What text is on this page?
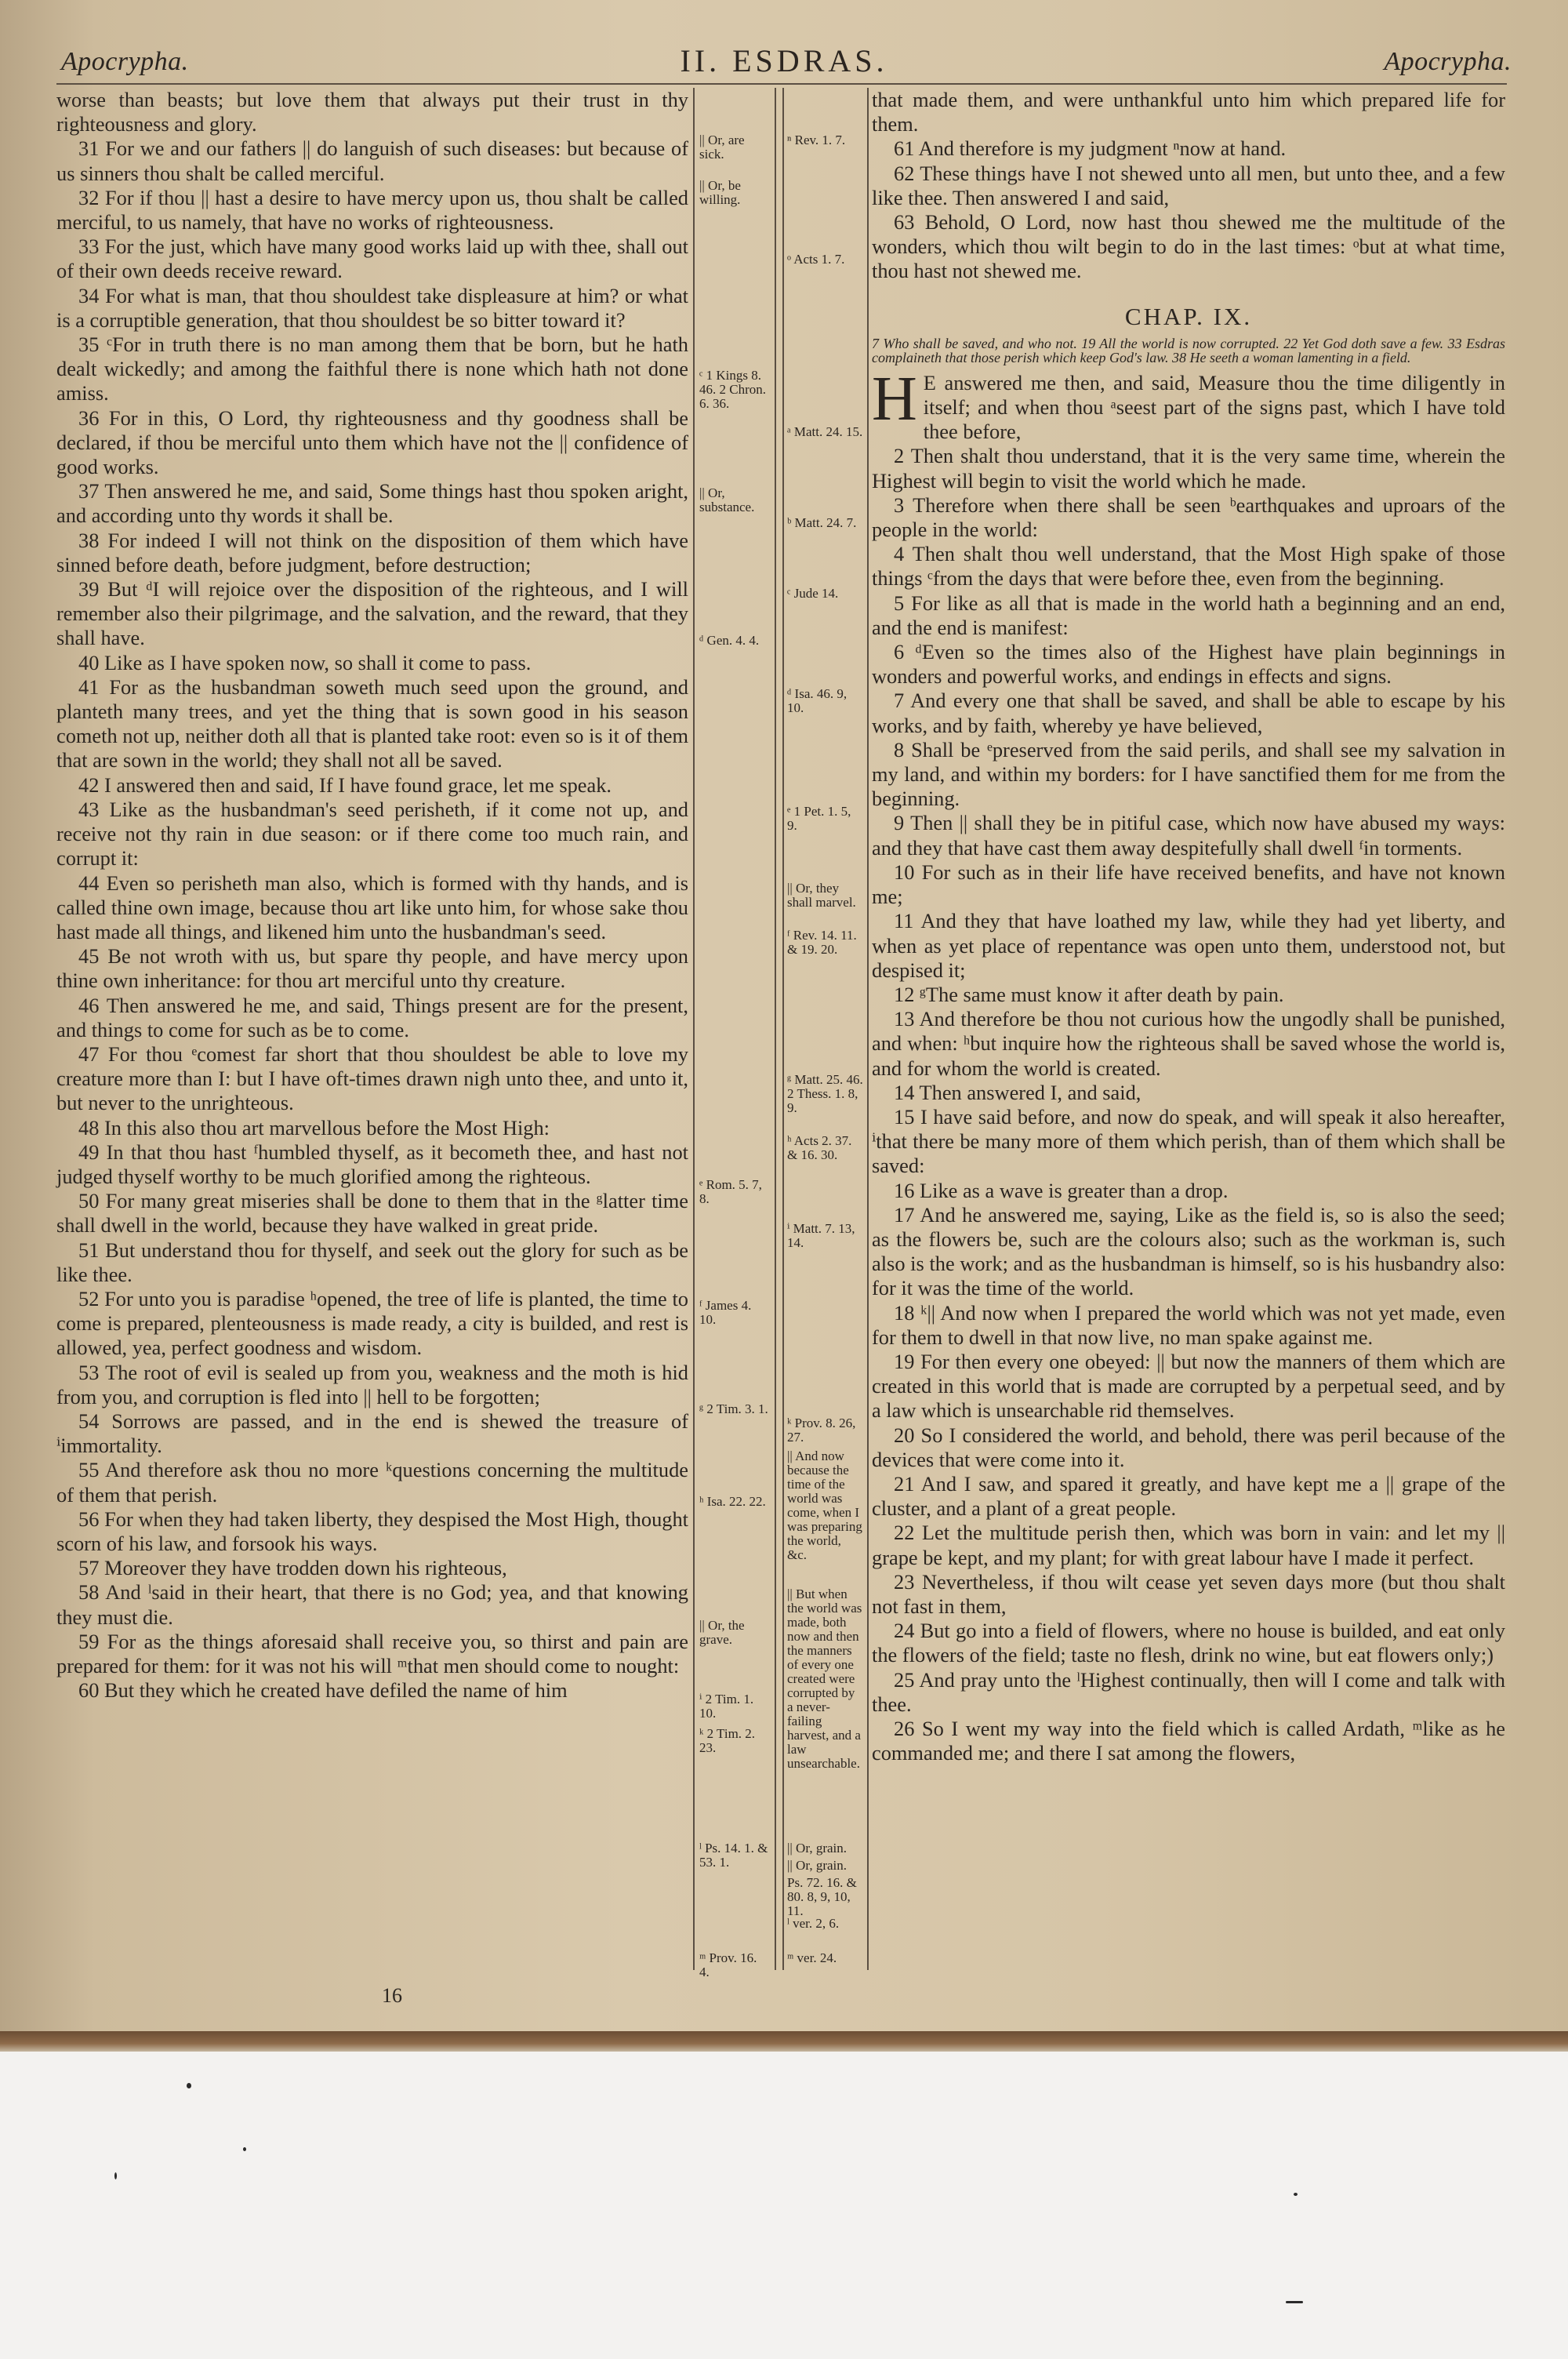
Apocrypha.	II. ESDRAS.	Apocrypha.

worse than beasts; but love them that always put their trust in thy righteousness and glory.

31 For we and our fathers || do languish of such diseases: but because of us sinners thou shalt be called merciful.

32 For if thou || hast a desire to have mercy upon us, thou shalt be called merciful, to us namely, that have no works of righteousness.

33 For the just, which have many good works laid up with thee, shall out of their own deeds receive reward.

34 For what is man, that thou shouldest take displeasure at him? or what is a corruptible generation, that thou shouldest be so bitter toward it?

35 ᶜFor in truth there is no man among them that be born, but he hath dealt wickedly; and among the faithful there is none which hath not done amiss.

36 For in this, O Lord, thy righteousness and thy goodness shall be declared, if thou be merciful unto them which have not the || confidence of good works.

37 Then answered he me, and said, Some things hast thou spoken aright, and according unto thy words it shall be.

38 For indeed I will not think on the disposition of them which have sinned before death, before judgment, before destruction;

39 But ᵈI will rejoice over the disposition of the righteous, and I will remember also their pilgrimage, and the salvation, and the reward, that they shall have.

40 Like as I have spoken now, so shall it come to pass.

41 For as the husbandman soweth much seed upon the ground, and planteth many trees, and yet the thing that is sown good in his season cometh not up, neither doth all that is planted take root: even so is it of them that are sown in the world; they shall not all be saved.

42 I answered then and said, If I have found grace, let me speak.

43 Like as the husbandman's seed perisheth, if it come not up, and receive not thy rain in due season: or if there come too much rain, and corrupt it:

44 Even so perisheth man also, which is formed with thy hands, and is called thine own image, because thou art like unto him, for whose sake thou hast made all things, and likened him unto the husbandman's seed.

45 Be not wroth with us, but spare thy people, and have mercy upon thine own inheritance: for thou art merciful unto thy creature.

46 Then answered he me, and said, Things present are for the present, and things to come for such as be to come.

47 For thou ᵉcomest far short that thou shouldest be able to love my creature more than I: but I have oft-times drawn nigh unto thee, and unto it, but never to the unrighteous.

48 In this also thou art marvellous before the Most High:

49 In that thou hast ᶠhumbled thyself, as it becometh thee, and hast not judged thyself worthy to be much glorified among the righteous.

50 For many great miseries shall be done to them that in the ᵍlatter time shall dwell in the world, because they have walked in great pride.

51 But understand thou for thyself, and seek out the glory for such as be like thee.

52 For unto you is paradise ʰopened, the tree of life is planted, the time to come is prepared, plenteousness is made ready, a city is builded, and rest is allowed, yea, perfect goodness and wisdom.

53 The root of evil is sealed up from you, weakness and the moth is hid from you, and corruption is fled into || hell to be forgotten;

54 Sorrows are passed, and in the end is shewed the treasure of ⁱimmortality.

55 And therefore ask thou no more ᵏquestions concerning the multitude of them that perish.

56 For when they had taken liberty, they despised the Most High, thought scorn of his law, and forsook his ways.

57 Moreover they have trodden down his righteous,

58 And ˡsaid in their heart, that there is no God; yea, and that knowing they must die.

59 For as the things aforesaid shall receive you, so thirst and pain are prepared for them: for it was not his will ᵐthat men should come to nought:

60 But they which he created have defiled the name of him

|| Or, are sick.
|| Or, be willing.
ᶜ 1 Kings 8. 46. 2 Chron. 6. 36.
|| Or, substance.
ᵈ Gen. 4. 4.
ᵉ Rom. 5. 7, 8.
ᶠ James 4. 10.
ᵍ 2 Tim. 3. 1.
ʰ Isa. 22. 22.
|| Or, the grave.
ⁱ 2 Tim. 1. 10.
ᵏ 2 Tim. 2. 23.
ˡ Ps. 14. 1. & 53. 1.
ᵐ Prov. 16. 4.
ⁿ Rev. 1. 7.
ᵒ Acts 1. 7.
ᵃ Matt. 24. 15.
ᵇ Matt. 24. 7.
ᶜ Jude 14.
ᵈ Isa. 46. 9, 10.
ᵉ 1 Pet. 1. 5, 9.
|| Or, they shall marvel.
ᶠ Rev. 14. 11. & 19. 20.
ᵍ Matt. 25. 46. 2 Thess. 1. 8, 9.
ʰ Acts 2. 37. & 16. 30.
ⁱ Matt. 7. 13, 14.
ᵏ Prov. 8. 26, 27.
|| And now because the time of the world was come, when I was preparing the world, &c.
|| But when the world was made, both now and then the manners of every one created were corrupted by a never-failing harvest, and a law unsearchable.
|| Or, grain.
|| Or, grain.
Ps. 72. 16. & 80. 8, 9, 10, 11.
ˡ ver. 2, 6.
ᵐ ver. 24.

that made them, and were unthankful unto him which prepared life for them.

61 And therefore is my judgment ⁿnow at hand.

62 These things have I not shewed unto all men, but unto thee, and a few like thee. Then answered I and said,

63 Behold, O Lord, now hast thou shewed me the multitude of the wonders, which thou wilt begin to do in the last times: ᵒbut at what time, thou hast not shewed me.

CHAP. IX.

7 Who shall be saved, and who not. 19 All the world is now corrupted. 22 Yet God doth save a few. 33 Esdras complaineth that those perish which keep God's law. 38 He seeth a woman lamenting in a field.

H E answered me then, and said, Measure thou the time diligently in itself; and when thou ᵃseest part of the signs past, which I have told thee before,

2 Then shalt thou understand, that it is the very same time, wherein the Highest will begin to visit the world which he made.

3 Therefore when there shall be seen ᵇearthquakes and uproars of the people in the world:

4 Then shalt thou well understand, that the Most High spake of those things ᶜfrom the days that were before thee, even from the beginning.

5 For like as all that is made in the world hath a beginning and an end, and the end is manifest:

6 ᵈEven so the times also of the Highest have plain beginnings in wonders and powerful works, and endings in effects and signs.

7 And every one that shall be saved, and shall be able to escape by his works, and by faith, whereby ye have believed,

8 Shall be ᵉpreserved from the said perils, and shall see my salvation in my land, and within my borders: for I have sanctified them for me from the beginning.

9 Then || shall they be in pitiful case, which now have abused my ways: and they that have cast them away despitefully shall dwell ᶠin torments.

10 For such as in their life have received benefits, and have not known me;

11 And they that have loathed my law, while they had yet liberty, and when as yet place of repentance was open unto them, understood not, but despised it;

12 ᵍThe same must know it after death by pain.

13 And therefore be thou not curious how the ungodly shall be punished, and when: ʰbut inquire how the righteous shall be saved whose the world is, and for whom the world is created.

14 Then answered I, and said,

15 I have said before, and now do speak, and will speak it also hereafter, ⁱthat there be many more of them which perish, than of them which shall be saved:

16 Like as a wave is greater than a drop.

17 And he answered me, saying, Like as the field is, so is also the seed; as the flowers be, such are the colours also; such as the workman is, such also is the work; and as the husbandman is himself, so is his husbandry also: for it was the time of the world.

18 ᵏ|| And now when I prepared the world which was not yet made, even for them to dwell in that now live, no man spake against me.

19 For then every one obeyed: || but now the manners of them which are created in this world that is made are corrupted by a perpetual seed, and by a law which is unsearchable rid themselves.

20 So I considered the world, and behold, there was peril because of the devices that were come into it.

21 And I saw, and spared it greatly, and have kept me a || grape of the cluster, and a plant of a great people.

22 Let the multitude perish then, which was born in vain: and let my || grape be kept, and my plant; for with great labour have I made it perfect.

23 Nevertheless, if thou wilt cease yet seven days more (but thou shalt not fast in them,

24 But go into a field of flowers, where no house is builded, and eat only the flowers of the field; taste no flesh, drink no wine, but eat flowers only;)

25 And pray unto the ˡHighest continually, then will I come and talk with thee.

26 So I went my way into the field which is called Ardath, ᵐlike as he commanded me; and there I sat among the flowers,

16
